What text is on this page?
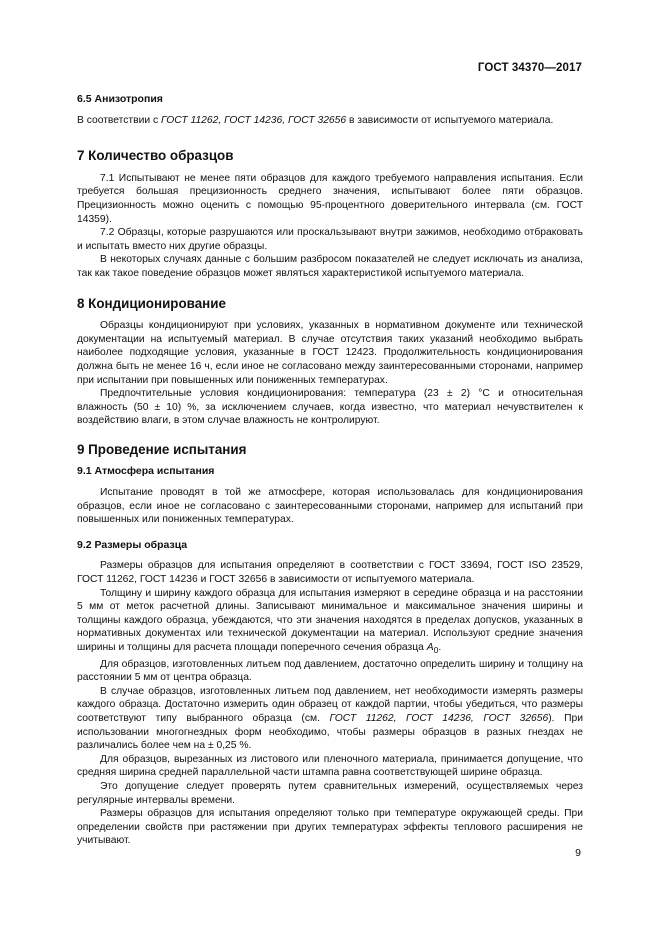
ГОСТ 34370—2017
6.5 Анизотропия

В соответствии с ГОСТ 11262, ГОСТ 14236, ГОСТ 32656 в зависимости от испытуемого материала.

7 Количество образцов

7.1 Испытывают не менее пяти образцов для каждого требуемого направления испытания. Если требуется большая прецизионность среднего значения, испытывают более пяти образцов. Прецизионность можно оценить с помощью 95-процентного доверительного интервала (см. ГОСТ 14359).

7.2 Образцы, которые разрушаются или проскальзывают внутри зажимов, необходимо отбраковать и испытать вместо них другие образцы.

В некоторых случаях данные с большим разбросом показателей не следует исключать из анализа, так как такое поведение образцов может являться характеристикой испытуемого материала.

8 Кондиционирование

Образцы кондиционируют при условиях, указанных в нормативном документе или технической документации на испытуемый материал. В случае отсутствия таких указаний необходимо выбрать наиболее подходящие условия, указанные в ГОСТ 12423. Продолжительность кондиционирования должна быть не менее 16 ч, если иное не согласовано между заинтересованными сторонами, например при испытании при повышенных или пониженных температурах.

Предпочтительные условия кондиционирования: температура (23 ± 2) °С и относительная влажность (50 ± 10) %, за исключением случаев, когда известно, что материал нечувствителен к воздействию влаги, в этом случае влажность не контролируют.

9 Проведение испытания
9.1 Атмосфера испытания

Испытание проводят в той же атмосфере, которая использовалась для кондиционирования образцов, если иное не согласовано с заинтересованными сторонами, например для испытаний при повышенных или пониженных температурах.

9.2 Размеры образца

Размеры образцов для испытания определяют в соответствии с ГОСТ 33694, ГОСТ ISO 23529, ГОСТ 11262, ГОСТ 14236 и ГОСТ 32656 в зависимости от испытуемого материала.

Толщину и ширину каждого образца для испытания измеряют в середине образца и на расстоянии 5 мм от меток расчетной длины. Записывают минимальное и максимальное значения ширины и толщины каждого образца, убеждаются, что эти значения находятся в пределах допусков, указанных в нормативных документах или технической документации на материал. Используют средние значения ширины и толщины для расчета площади поперечного сечения образца $A_0$.

Для образцов, изготовленных литьем под давлением, достаточно определить ширину и толщину на расстоянии 5 мм от центра образца.

В случае образцов, изготовленных литьем под давлением, нет необходимости измерять размеры каждого образца. Достаточно измерить один образец от каждой партии, чтобы убедиться, что размеры соответствуют типу выбранного образца (см. ГОСТ 11262, ГОСТ 14236, ГОСТ 32656). При использовании многогнездных форм необходимо, чтобы размеры образцов в разных гнездах не различались более чем на ± 0,25 %.

Для образцов, вырезанных из листового или пленочного материала, принимается допущение, что средняя ширина средней параллельной части штампа равна соответствующей ширине образца.

Это допущение следует проверять путем сравнительных измерений, осуществляемых через регулярные интервалы времени.

Размеры образцов для испытания определяют только при температуре окружающей среды. При определении свойств при растяжении при других температурах эффекты теплового расширения не учитывают.

9
